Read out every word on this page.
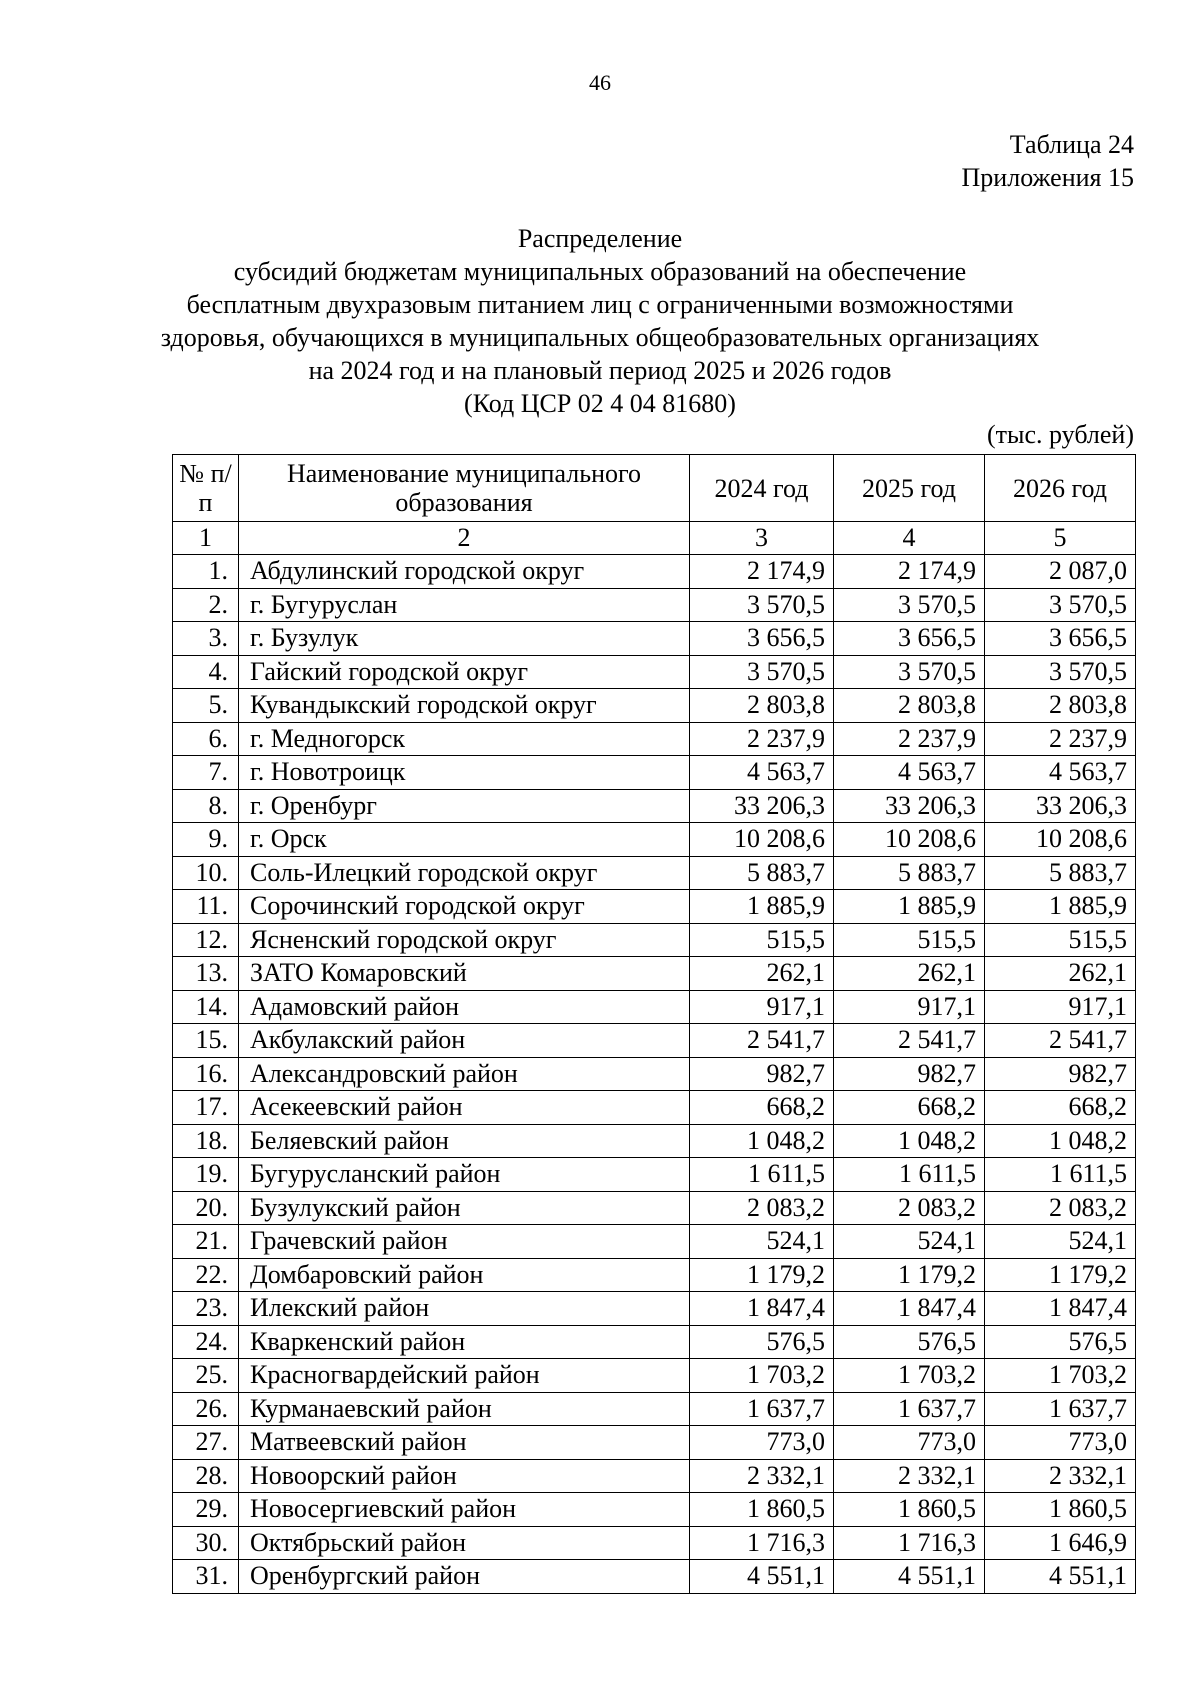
46
Таблица 24
Приложения 15
Распределение
субсидий бюджетам муниципальных образований на обеспечение
бесплатным двухразовым питанием лиц с ограниченными возможностями
здоровья, обучающихся в муниципальных общеобразовательных организациях
на 2024 год и на плановый период 2025 и 2026 годов
(Код ЦСР 02 4 04 81680)
(тыс. рублей)
№ п/п	Наименование муниципального образования	2024 год	2025 год	2026 год
1	2	3	4	5
1.	Абдулинский городской округ	2 174,9	2 174,9	2 087,0
2.	г. Бугуруслан	3 570,5	3 570,5	3 570,5
3.	г. Бузулук	3 656,5	3 656,5	3 656,5
4.	Гайский городской округ	3 570,5	3 570,5	3 570,5
5.	Кувандыкский городской округ	2 803,8	2 803,8	2 803,8
6.	г. Медногорск	2 237,9	2 237,9	2 237,9
7.	г. Новотроицк	4 563,7	4 563,7	4 563,7
8.	г. Оренбург	33 206,3	33 206,3	33 206,3
9.	г. Орск	10 208,6	10 208,6	10 208,6
10.	Соль-Илецкий городской округ	5 883,7	5 883,7	5 883,7
11.	Сорочинский городской округ	1 885,9	1 885,9	1 885,9
12.	Ясненский городской округ	515,5	515,5	515,5
13.	ЗАТО Комаровский	262,1	262,1	262,1
14.	Адамовский район	917,1	917,1	917,1
15.	Акбулакский район	2 541,7	2 541,7	2 541,7
16.	Александровский район	982,7	982,7	982,7
17.	Асекеевский район	668,2	668,2	668,2
18.	Беляевский район	1 048,2	1 048,2	1 048,2
19.	Бугурусланский район	1 611,5	1 611,5	1 611,5
20.	Бузулукский район	2 083,2	2 083,2	2 083,2
21.	Грачевский район	524,1	524,1	524,1
22.	Домбаровский район	1 179,2	1 179,2	1 179,2
23.	Илекский район	1 847,4	1 847,4	1 847,4
24.	Кваркенский район	576,5	576,5	576,5
25.	Красногвардейский район	1 703,2	1 703,2	1 703,2
26.	Курманаевский район	1 637,7	1 637,7	1 637,7
27.	Матвеевский район	773,0	773,0	773,0
28.	Новоорский район	2 332,1	2 332,1	2 332,1
29.	Новосергиевский район	1 860,5	1 860,5	1 860,5
30.	Октябрьский район	1 716,3	1 716,3	1 646,9
31.	Оренбургский район	4 551,1	4 551,1	4 551,1
